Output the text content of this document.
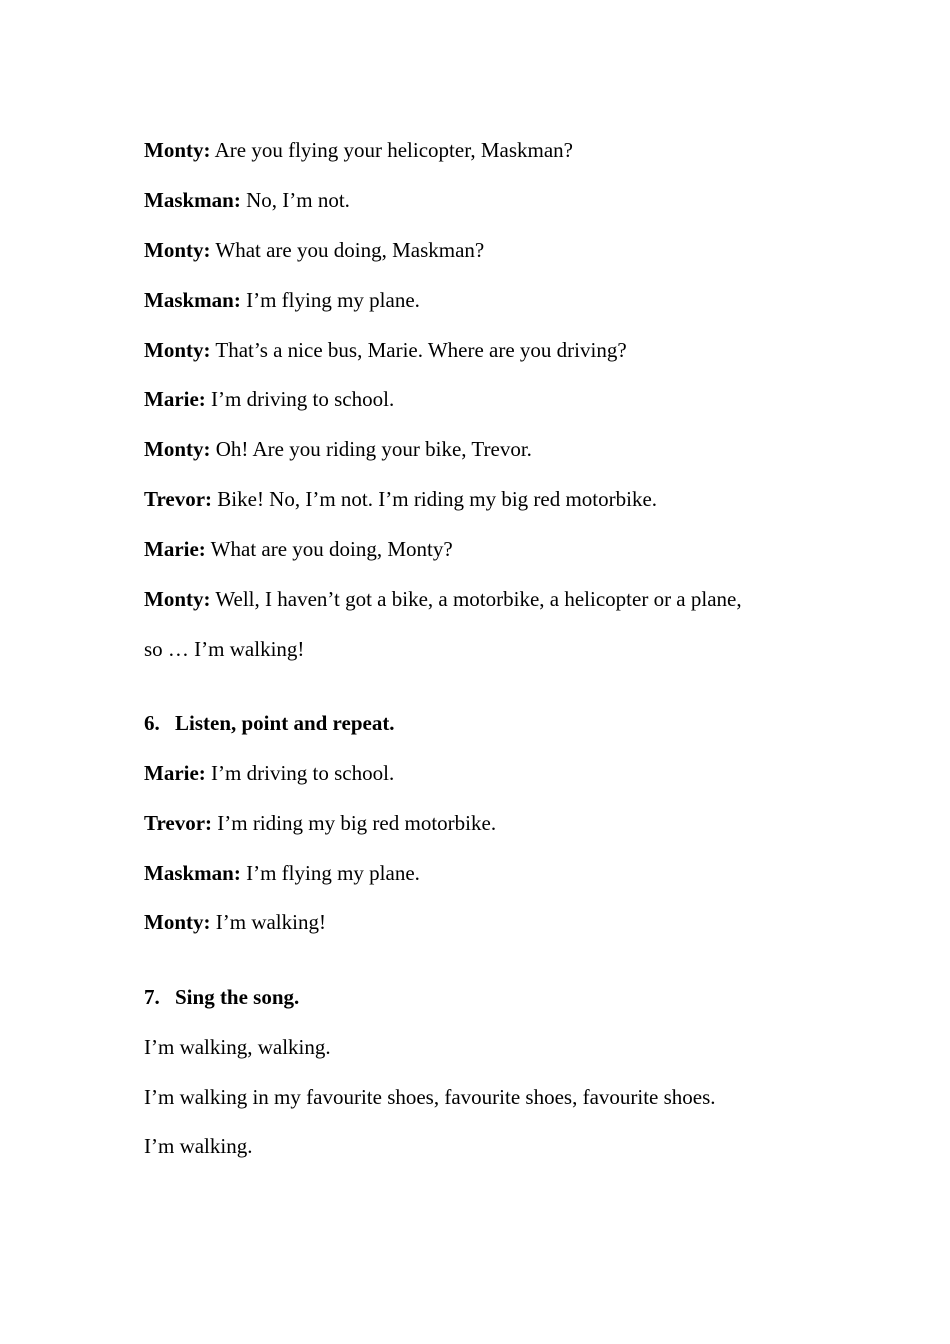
Monty: Are you flying your helicopter, Maskman?
Maskman: No, I’m not.
Monty: What are you doing, Maskman?
Maskman: I’m flying my plane.
Monty: That’s a nice bus, Marie. Where are you driving?
Marie: I’m driving to school.
Monty: Oh! Are you riding your bike, Trevor.
Trevor: Bike! No, I’m not. I’m riding my big red motorbike.
Marie: What are you doing, Monty?
Monty: Well, I haven’t got a bike, a motorbike, a helicopter or a plane,
so … I’m walking!
6. Listen, point and repeat.
Marie: I’m driving to school.
Trevor: I’m riding my big red motorbike.
Maskman: I’m flying my plane.
Monty: I’m walking!
7. Sing the song.
I’m walking, walking.
I’m walking in my favourite shoes, favourite shoes, favourite shoes.
I’m walking.
